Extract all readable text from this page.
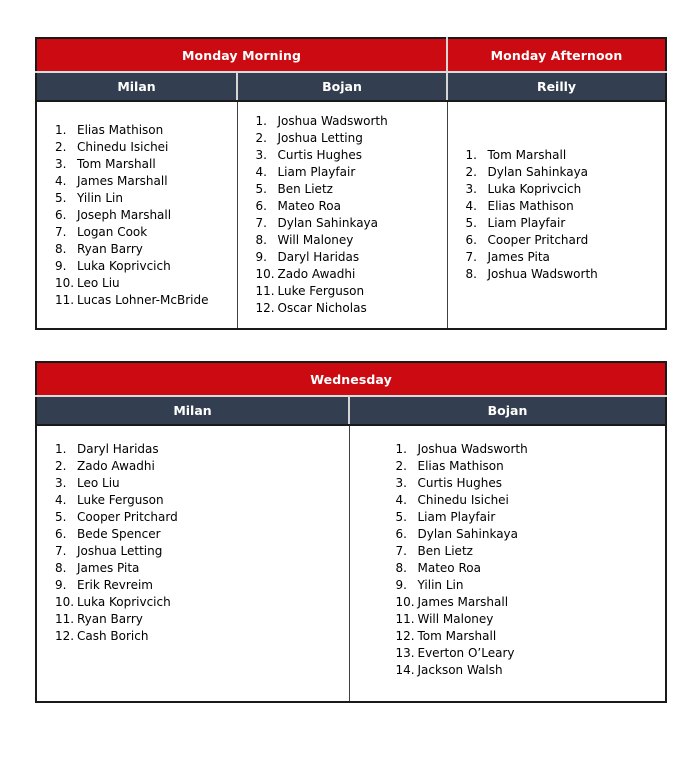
Monday Morning		Monday Afternoon
Milan	Bojan	Reilly

1. Elias Mathison
2. Chinedu Isichei
3. Tom Marshall
4. James Marshall
5. Yilin Lin
6. Joseph Marshall
7. Logan Cook
8. Ryan Barry
9. Luka Koprivcich
10. Leo Liu
11. Lucas Lohner-McBride

1. Joshua Wadsworth
2. Joshua Letting
3. Curtis Hughes
4. Liam Playfair
5. Ben Lietz
6. Mateo Roa
7. Dylan Sahinkaya
8. Will Maloney
9. Daryl Haridas
10. Zado Awadhi
11. Luke Ferguson
12. Oscar Nicholas

1. Tom Marshall
2. Dylan Sahinkaya
3. Luka Koprivcich
4. Elias Mathison
5. Liam Playfair
6. Cooper Pritchard
7. James Pita
8. Joshua Wadsworth
Wednesday	
Milan	Bojan

1. Daryl Haridas
2. Zado Awadhi
3. Leo Liu
4. Luke Ferguson
5. Cooper Pritchard
6. Bede Spencer
7. Joshua Letting
8. James Pita
9. Erik Revreim
10. Luka Koprivcich
11. Ryan Barry
12. Cash Borich

1. Joshua Wadsworth
2. Elias Mathison
3. Curtis Hughes
4. Chinedu Isichei
5. Liam Playfair
6. Dylan Sahinkaya
7. Ben Lietz
8. Mateo Roa
9. Yilin Lin
10. James Marshall
11. Will Maloney
12. Tom Marshall
13. Everton O’Leary
14. Jackson Walsh
